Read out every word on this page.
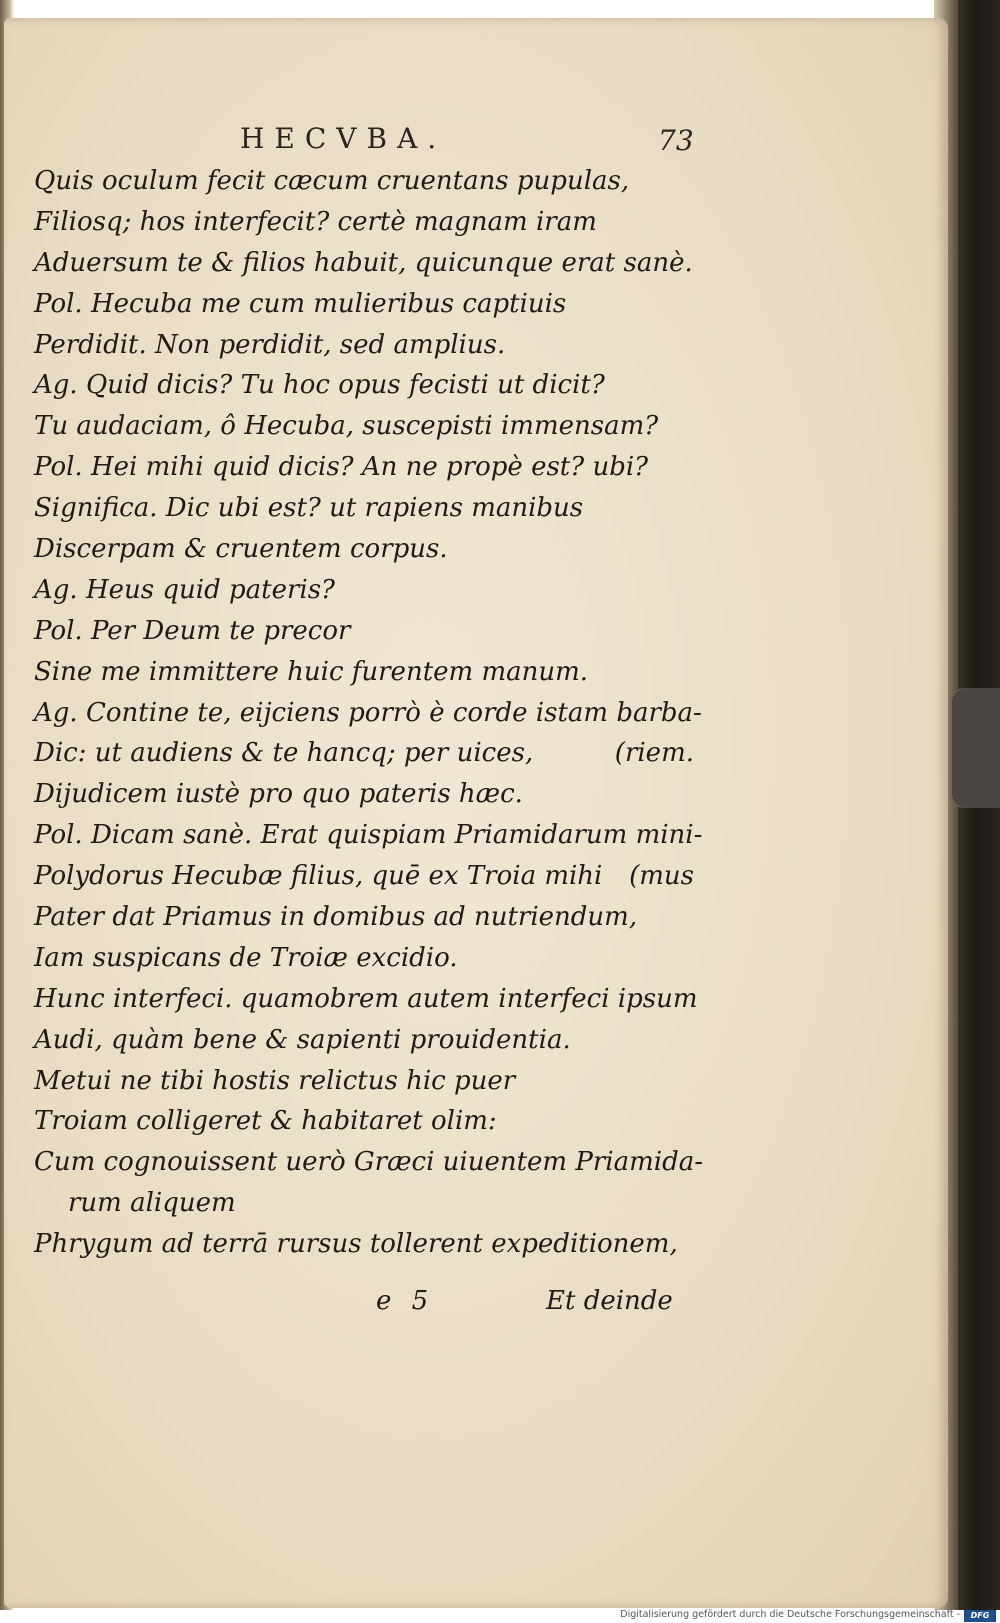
HECVBA.	73
Quis oculum fecit cæcum cruentans pupulas,
Filiosq; hos interfecit? certè magnam iram
Aduersum te & filios habuit, quicunque erat sanè.
Pol. Hecuba me cum mulieribus captiuis
Perdidit. Non perdidit, sed amplius.
Ag. Quid dicis? Tu hoc opus fecisti ut dicit?
Tu audaciam, ô Hecuba, suscepisti immensam?
Pol. Hei mihi quid dicis? An ne propè est? ubi?
Significa. Dic ubi est? ut rapiens manibus
Discerpam & cruentem corpus.
Ag. Heus quid pateris?
Pol. Per Deum te precor
Sine me immittere huic furentem manum.
Ag. Contine te, eijciens porrò è corde istam barba-
Dic: ut audiens & te hancq; per uices,	(riem.
Dijudicem iustè pro quo pateris hæc.
Pol. Dicam sanè. Erat quispiam Priamidarum mini-
Polydorus Hecubæ filius, quē ex Troia mihi (mus
Pater dat Priamus in domibus ad nutriendum,
Iam suspicans de Troiæ excidio.
Hunc interfeci. quamobrem autem interfeci ipsum
Audi, quàm bene & sapienti prouidentia.
Metui ne tibi hostis relictus hic puer
Troiam colligeret & habitaret olim:
Cum cognouissent uerò Græci uiuentem Priamida-
rum aliquem
Phrygum ad terrā rursus tollerent expeditionem,
e 5	Et deinde
Digitalisierung gefördert durch die Deutsche Forschungsgemeinschaft -	DFG
